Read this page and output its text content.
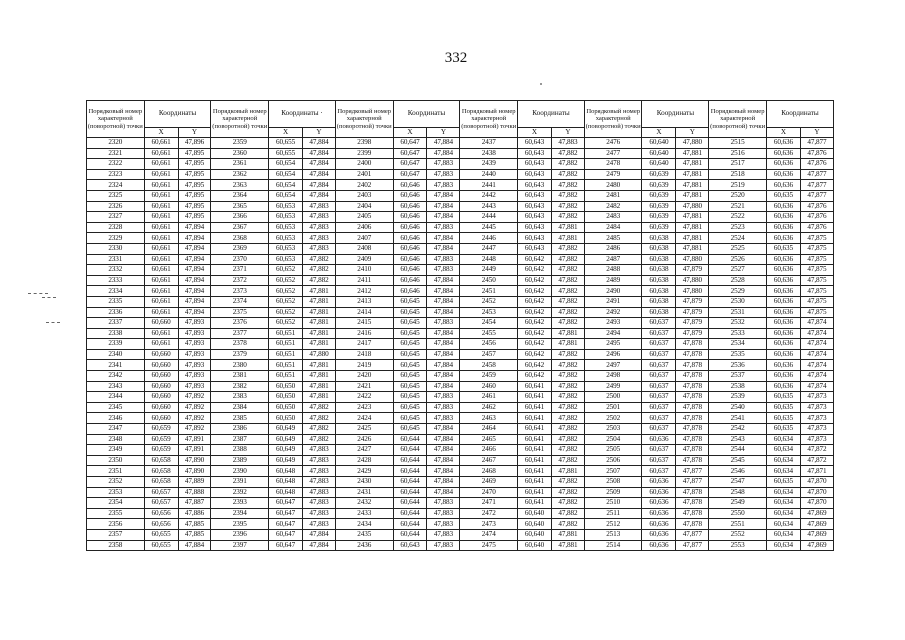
332
Порядковый номер характерной (поворотной) точки	Координаты		Порядковый номер характерной (поворотной) точки	Координаты ·		Порядковый номер характерной (поворотной) точки	Координаты		Порядковый номер характерной (поворотной) точки	Координаты		Порядковый номер характерной (поворотной) точки	Координаты		Порядковый номер характерной (поворотной) точки	Координаты	
	X	Y		X	Y		X	Y		X	Y		X	Y		X	Y
2320	60,661	47,896	2359	60,655	47,884	2398	60,647	47,884	2437	60,643	47,883	2476	60,640	47,880	2515	60,636	47,877
2321	60,661	47,895	2360	60,655	47,884	2399	60,647	47,884	2438	60,643	47,882	2477	60,640	47,881	2516	60,636	47,876
2322	60,661	47,895	2361	60,654	47,884	2400	60,647	47,883	2439	60,643	47,882	2478	60,640	47,881	2517	60,636	47,876
2323	60,661	47,895	2362	60,654	47,884	2401	60,647	47,883	2440	60,643	47,882	2479	60,639	47,881	2518	60,636	47,877
2324	60,661	47,895	2363	60,654	47,884	2402	60,646	47,883	2441	60,643	47,882	2480	60,639	47,881	2519	60,636	47,877
2325	60,661	47,895	2364	60,654	47,884	2403	60,646	47,884	2442	60,643	47,882	2481	60,639	47,881	2520	60,635	47,877
2326	60,661	47,895	2365	60,653	47,883	2404	60,646	47,884	2443	60,643	47,882	2482	60,639	47,880	2521	60,636	47,876
2327	60,661	47,895	2366	60,653	47,883	2405	60,646	47,884	2444	60,643	47,882	2483	60,639	47,881	2522	60,636	47,876
2328	60,661	47,894	2367	60,653	47,883	2406	60,646	47,883	2445	60,643	47,881	2484	60,639	47,881	2523	60,636	47,876
2329	60,661	47,894	2368	60,653	47,883	2407	60,646	47,884	2446	60,643	47,881	2485	60,638	47,881	2524	60,636	47,875
2330	60,661	47,894	2369	60,653	47,883	2408	60,646	47,884	2447	60,643	47,882	2486	60,638	47,881	2525	60,635	47,875
2331	60,661	47,894	2370	60,653	47,882	2409	60,646	47,883	2448	60,642	47,882	2487	60,638	47,880	2526	60,636	47,875
2332	60,661	47,894	2371	60,652	47,882	2410	60,646	47,883	2449	60,642	47,882	2488	60,638	47,879	2527	60,636	47,875
2333	60,661	47,894	2372	60,652	47,882	2411	60,646	47,884	2450	60,642	47,882	2489	60,638	47,880	2528	60,636	47,875
2334	60,661	47,894	2373	60,652	47,881	2412	60,646	47,884	2451	60,642	47,882	2490	60,638	47,880	2529	60,636	47,875
2335	60,661	47,894	2374	60,652	47,881	2413	60,645	47,884	2452	60,642	47,882	2491	60,638	47,879	2530	60,636	47,875
2336	60,661	47,894	2375	60,652	47,881	2414	60,645	47,884	2453	60,642	47,882	2492	60,638	47,879	2531	60,636	47,875
2337	60,660	47,893	2376	60,652	47,881	2415	60,645	47,883	2454	60,642	47,882	2493	60,637	47,879	2532	60,636	47,874
2338	60,661	47,893	2377	60,651	47,881	2416	60,645	47,884	2455	60,642	47,881	2494	60,637	47,879	2533	60,636	47,874
2339	60,661	47,893	2378	60,651	47,881	2417	60,645	47,884	2456	60,642	47,881	2495	60,637	47,878	2534	60,636	47,874
2340	60,660	47,893	2379	60,651	47,880	2418	60,645	47,884	2457	60,642	47,882	2496	60,637	47,878	2535	60,636	47,874
2341	60,660	47,893	2380	60,651	47,881	2419	60,645	47,884	2458	60,642	47,882	2497	60,637	47,878	2536	60,636	47,874
2342	60,660	47,893	2381	60,651	47,881	2420	60,645	47,884	2459	60,642	47,882	2498	60,637	47,878	2537	60,636	47,874
2343	60,660	47,893	2382	60,650	47,881	2421	60,645	47,884	2460	60,641	47,882	2499	60,637	47,878	2538	60,636	47,874
2344	60,660	47,892	2383	60,650	47,881	2422	60,645	47,883	2461	60,641	47,882	2500	60,637	47,878	2539	60,635	47,873
2345	60,660	47,892	2384	60,650	47,882	2423	60,645	47,883	2462	60,641	47,882	2501	60,637	47,878	2540	60,635	47,873
2346	60,660	47,892	2385	60,650	47,882	2424	60,645	47,883	2463	60,641	47,882	2502	60,637	47,878	2541	60,635	47,873
2347	60,659	47,892	2386	60,649	47,882	2425	60,645	47,884	2464	60,641	47,882	2503	60,637	47,878	2542	60,635	47,873
2348	60,659	47,891	2387	60,649	47,882	2426	60,644	47,884	2465	60,641	47,882	2504	60,636	47,878	2543	60,634	47,873
2349	60,659	47,891	2388	60,649	47,883	2427	60,644	47,884	2466	60,641	47,882	2505	60,637	47,878	2544	60,634	47,872
2350	60,658	47,890	2389	60,649	47,883	2428	60,644	47,884	2467	60,641	47,882	2506	60,637	47,878	2545	60,634	47,872
2351	60,658	47,890	2390	60,648	47,883	2429	60,644	47,884	2468	60,641	47,881	2507	60,637	47,877	2546	60,634	47,871
2352	60,658	47,889	2391	60,648	47,883	2430	60,644	47,884	2469	60,641	47,882	2508	60,636	47,877	2547	60,635	47,870
2353	60,657	47,888	2392	60,648	47,883	2431	60,644	47,884	2470	60,641	47,882	2509	60,636	47,878	2548	60,634	47,870
2354	60,657	47,887	2393	60,647	47,883	2432	60,644	47,883	2471	60,641	47,882	2510	60,636	47,878	2549	60,634	47,870
2355	60,656	47,886	2394	60,647	47,883	2433	60,644	47,883	2472	60,640	47,882	2511	60,636	47,878	2550	60,634	47,869
2356	60,656	47,885	2395	60,647	47,883	2434	60,644	47,883	2473	60,640	47,882	2512	60,636	47,878	2551	60,634	47,869
2357	60,655	47,885	2396	60,647	47,884	2435	60,644	47,883	2474	60,640	47,881	2513	60,636	47,877	2552	60,634	47,869
2358	60,655	47,884	2397	60,647	47,884	2436	60,643	47,883	2475	60,640	47,881	2514	60,636	47,877	2553	60,634	47,869
